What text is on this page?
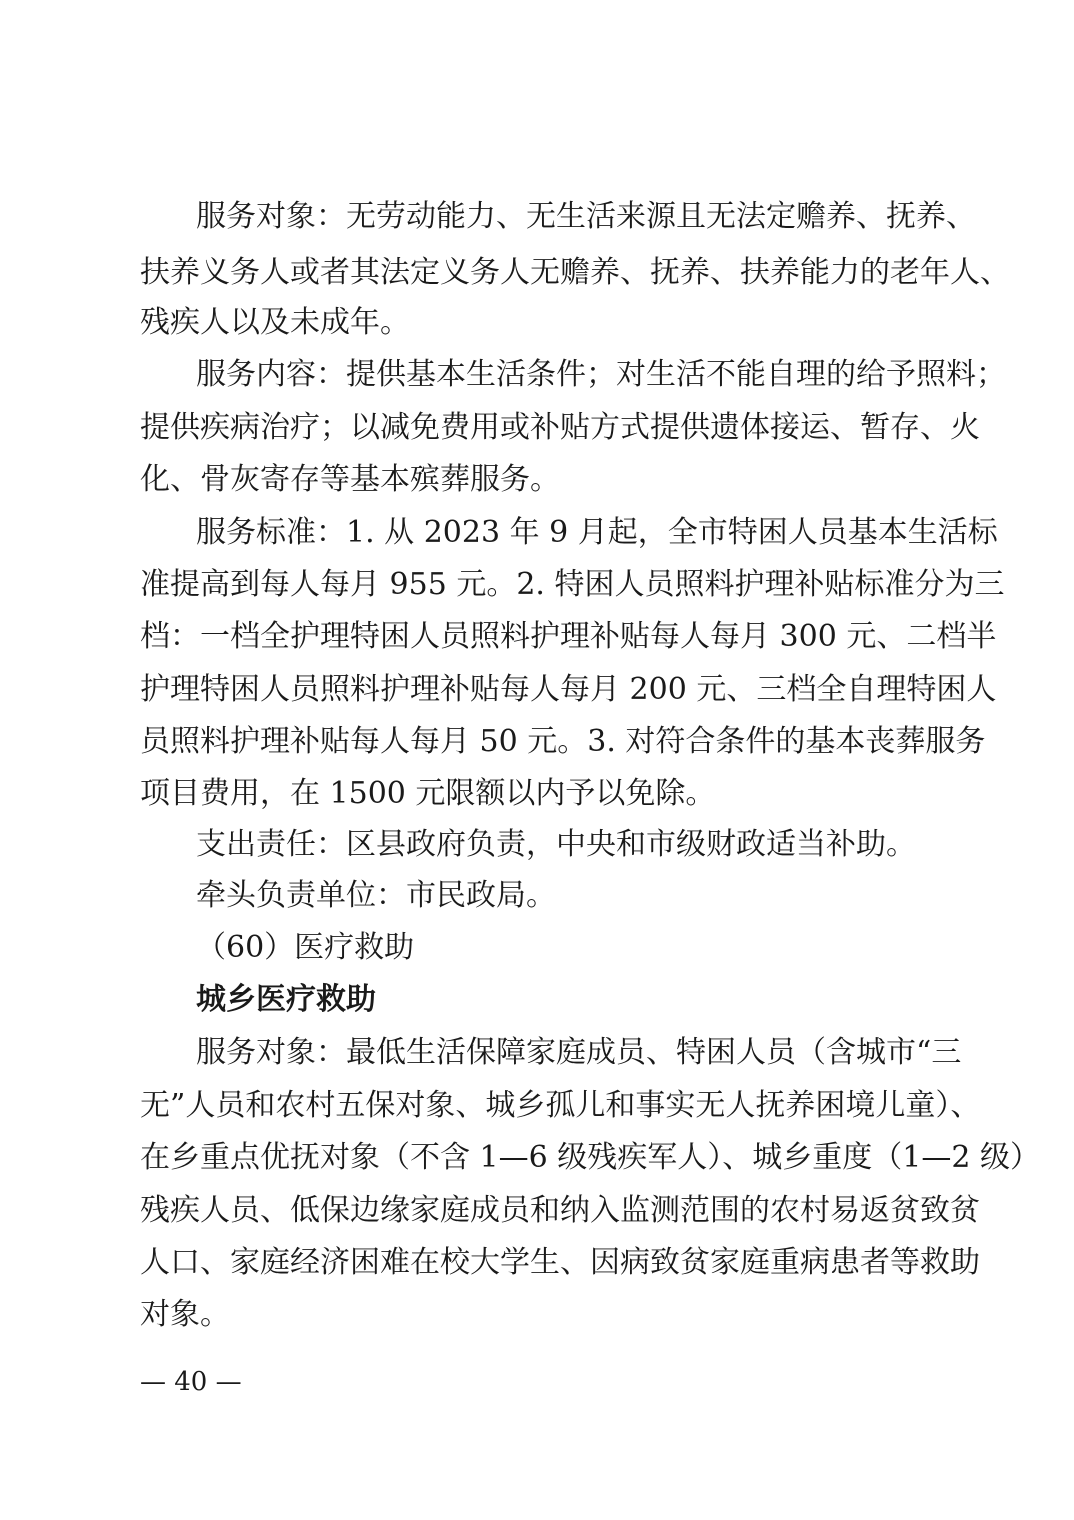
服务对象：无劳动能力、无生活来源且无法定赡养、抚养、
扶养义务人或者其法定义务人无赡养、抚养、扶养能力的老年人、
残疾人以及未成年。
服务内容：提供基本生活条件；对生活不能自理的给予照料；
提供疾病治疗；以减免费用或补贴方式提供遗体接运、暂存、火
化、骨灰寄存等基本殡葬服务。
服务标准：1. 从 2023 年 9 月起，全市特困人员基本生活标
准提高到每人每月 955 元。2. 特困人员照料护理补贴标准分为三
档：一档全护理特困人员照料护理补贴每人每月 300 元、二档半
护理特困人员照料护理补贴每人每月 200 元、三档全自理特困人
员照料护理补贴每人每月 50 元。3. 对符合条件的基本丧葬服务
项目费用，在 1500 元限额以内予以免除。
支出责任：区县政府负责，中央和市级财政适当补助。
牵头负责单位：市民政局。
（60）医疗救助
城乡医疗救助
服务对象：最低生活保障家庭成员、特困人员（含城市“三
无”人员和农村五保对象、城乡孤儿和事实无人抚养困境儿童）、
在乡重点优抚对象（不含 1—6 级残疾军人）、城乡重度（1—2 级）
残疾人员、低保边缘家庭成员和纳入监测范围的农村易返贫致贫
人口、家庭经济困难在校大学生、因病致贫家庭重病患者等救助
对象。
— 40 —
